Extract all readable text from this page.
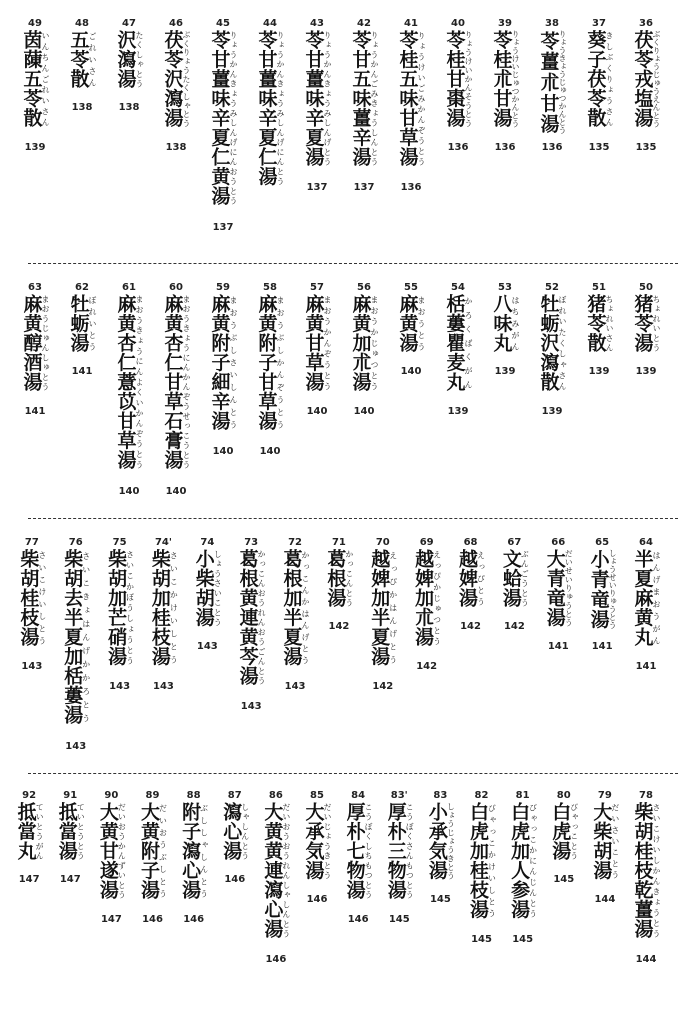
36
茯苓戎塩湯ぶくりょうじゅうえんとう
135
37
葵子茯苓散きしぶくりょうさん
135
38
苓薑朮甘湯りょうきょうじゅつかんとう
136
39
苓桂朮甘湯りょうけいじゅつかんとう
136
40
苓桂甘棗湯りょうけいかんそうとう
136
41
苓桂五味甘草湯りょうけいごみかんぞうとう
136
42
苓甘五味薑辛湯りょうかんごみきょうしんとう
137
43
苓甘薑味辛夏湯りょうかんきょうみしんげとう
137
44
苓甘薑味辛夏仁湯りょうかんきょうみしんげにんとう
45
苓甘薑味辛夏仁黄湯りょうかんきょうみしんげにんおうとう
137
46
茯苓沢瀉湯ぶくりょうたくしゃとう
138
47
沢瀉湯たくしゃとう
138
48
五苓散ごれいさん
138
49
茵蔯五苓散いんちんごれいさん
139
50
猪苓湯ちょれいとう
139
51
猪苓散ちょれいさん
139
52
牡蛎沢瀉散ぼれいたくしゃさん
139
53
八味丸はちみがん
139
54
栝蔞瞿麦丸かろくばくがん
139
55
麻黄湯まおうとう
140
56
麻黄加朮湯まおうかじゅつとう
140
57
麻黄甘草湯まおうかんぞうとう
140
58
麻黄附子甘草湯まおうぶしかんぞうとう
140
59
麻黄附子細辛湯まおうぶしさいしんとう
140
60
麻黄杏仁甘草石膏湯まおうきょうにんかんぞうせっこうとう
140
61
麻黄杏仁薏苡甘草湯まおうきょうにんよくいかんぞうとう
140
62
牡蛎湯ぼれいとう
141
63
麻黄醇酒湯まおうじゅんしゅとう
141
64
半夏麻黄丸はんげまおうがん
141
65
小青竜湯しょうせいりゅうとう
141
66
大青竜湯だいせいりゅうとう
141
67
文蛤湯ぶんごうとう
142
68
越婢湯えっぴとう
142
69
越婢加朮湯えっぴかじゅつとう
142
70
越婢加半夏湯えっぴかはんげとう
142
71
葛根湯かっこんとう
142
72
葛根加半夏湯かっこんかはんげとう
143
73
葛根黄連黄芩湯かっこんおうれんおうごんとう
143
74
小柴胡湯しょうさいことう
143
74'
柴胡加桂枝湯さいこかけいしとう
143
75
柴胡加芒硝湯さいこかぼうしょうとう
143
76
柴胡去半夏加栝蔞湯さいこきょはんげかかろとう
143
77
柴胡桂枝湯さいこけいしとう
143
78
柴胡桂枝乾薑湯さいこけいしかんきょうとう
144
79
大柴胡湯だいさいことう
144
80
白虎湯びゃっことう
145
81
白虎加人参湯びゃっこかにんじんとう
145
82
白虎加桂枝湯びゃっこかけいしとう
145
83
小承気湯しょうじょうきとう
145
83'
厚朴三物湯こうぼくさんもつとう
145
84
厚朴七物湯こうぼくしちもつとう
146
85
大承気湯だいじょうきとう
146
86
大黄黄連瀉心湯だいおうおうれんしゃしんとう
146
87
瀉心湯しゃしんとう
146
88
附子瀉心湯ぶししゃしんとう
146
89
大黄附子湯だいおうぶしとう
146
90
大黄甘遂湯だいおうかんずいとう
147
91
抵當湯ていとうとう
147
92
抵當丸ていとうがん
147
